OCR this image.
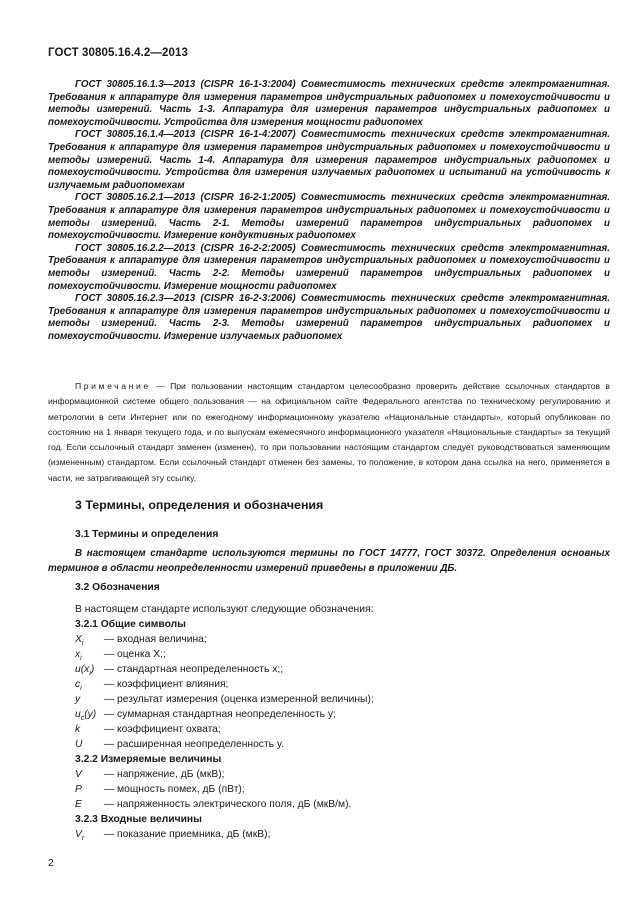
ГОСТ 30805.16.4.2—2013

ГОСТ 30805.16.1.3—2013 (CISPR 16-1-3:2004) Совместимость технических средств электромагнитная. Требования к аппаратуре для измерения параметров индустриальных радиопомех и помехоустойчивости и методы измерений. Часть 1-3. Аппаратура для измерения параметров индустриальных радиопомех и помехоустойчивости. Устройства для измерения мощности радиопомех

ГОСТ 30805.16.1.4—2013 (CISPR 16-1-4:2007) Совместимость технических средств электромагнитная. Требования к аппаратуре для измерения параметров индустриальных радиопомех и помехоустойчивости и методы измерений. Часть 1-4. Аппаратура для измерения параметров индустриальных радиопомех и помехоустойчивости. Устройства для измерения излучаемых радиопомех и испытаний на устойчивость к излучаемым радиопомехам

ГОСТ 30805.16.2.1—2013 (CISPR 16-2-1:2005) Совместимость технических средств электромагнитная. Требования к аппаратуре для измерения параметров индустриальных радиопомех и помехоустойчивости и методы измерений. Часть 2-1. Методы измерений параметров индустриальных радиопомех и помехоустойчивости. Измерение кондуктивных радиопомех

ГОСТ 30805.16.2.2—2013 (CISPR 16-2-2:2005) Совместимость технических средств электромагнитная. Требования к аппаратуре для измерения параметров индустриальных радиопомех и помехоустойчивости и методы измерений. Часть 2-2. Методы измерений параметров индустриальных радиопомех и помехоустойчивости. Измерение мощности радиопомех

ГОСТ 30805.16.2.3—2013 (CISPR 16-2-3:2006) Совместимость технических средств электромагнитная. Требования к аппаратуре для измерения параметров индустриальных радиопомех и помехоустойчивости и методы измерений. Часть 2-3. Методы измерений параметров индустриальных радиопомех и помехоустойчивости. Измерение излучаемых радиопомех

Примечание — При пользовании настоящим стандартом целесообразно проверить действие ссылочных стандартов в информационной системе общего пользования — на официальном сайте Федерального агентства по техническому регулированию и метрологии в сети Интернет или по ежегодному информационному указателю «Национальные стандарты», который опубликован по состоянию на 1 января текущего года, и по выпускам ежемесячного информационного указателя «Национальные стандарты» за текущий год. Если ссылочный стандарт заменен (изменен), то при пользовании настоящим стандартом следует руководствоваться заменяющим (измененным) стандартом. Если ссылочный стандарт отменен без замены, то положение, в котором дана ссылка на него, применяется в части, не затрагивающей эту ссылку.

3 Термины, определения и обозначения
3.1 Термины и определения

В настоящем стандарте используются термины по ГОСТ 14777, ГОСТ 30372. Определения основных терминов в области неопределенности измерений приведены в приложении ДБ.

3.2 Обозначения
В настоящем стандарте используют следующие обозначения:
3.2.1 Общие символы
$X_i$ — входная величина;
$x_i$ — оценка X;;
$u(x_i)$ — стандартная неопределенность x;;
$c_i$ — коэффициент влияния;
y — результат измерения (оценка измеренной величины);
$u_c(y)$ — суммарная стандартная неопределенность y;
k — коэффициент охвата;
U — расширенная неопределенность y.
3.2.2 Измеряемые величины
V — напряжение, дБ (мкВ);
P — мощность помех, дБ (пВт);
E — напряженность электрического поля, дБ (мкВ/м).
3.2.3 Входные величины
$V_r$ — показание приемника, дБ (мкВ);
2
